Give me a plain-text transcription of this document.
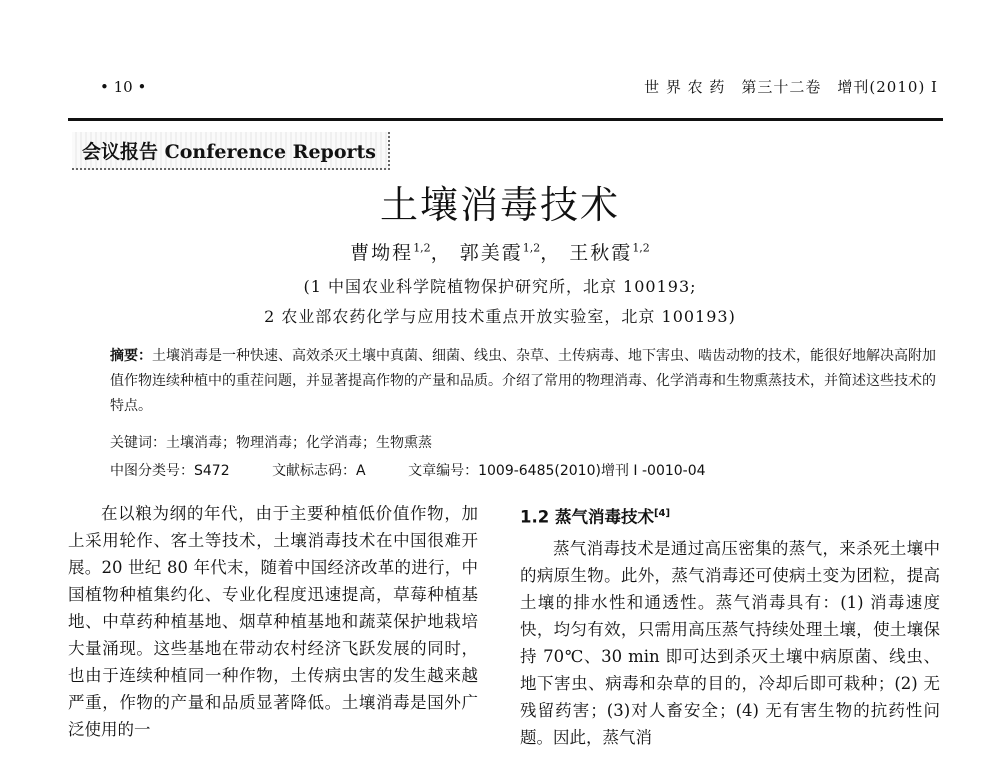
• 10 •	世 界 农 药　第三十二卷　增刊(2010) I
会议报告 Conference Reports
土壤消毒技术
曹坳程$^{1,2}$， 郭美霞$^{1,2}$， 王秋霞$^{1,2}$
(1 中国农业科学院植物保护研究所，北京 100193;
2 农业部农药化学与应用技术重点开放实验室，北京 100193)
摘要：土壤消毒是一种快速、高效杀灭土壤中真菌、细菌、线虫、杂草、土传病毒、地下害虫、啮齿动物的技术，能很好地解决高附加值作物连续种植中的重茬问题，并显著提高作物的产量和品质。介绍了常用的物理消毒、化学消毒和生物熏蒸技术，并简述这些技术的特点。
关键词：土壤消毒；物理消毒；化学消毒；生物熏蒸
中图分类号：S472	文献标志码：A	文章编号：1009-6485(2010)增刊 I -0010-04

在以粮为纲的年代，由于主要种植低价值作物，加上采用轮作、客土等技术，土壤消毒技术在中国很难开展。20 世纪 80 年代末，随着中国经济改革的进行，中国植物种植集约化、专业化程度迅速提高，草莓种植基地、中草药种植基地、烟草种植基地和蔬菜保护地栽培大量涌现。这些基地在带动农村经济飞跃发展的同时，也由于连续种植同一种作物，土传病虫害的发生越来越严重，作物的产量和品质显著降低。土壤消毒是国外广泛使用的一

1.2 蒸气消毒技术[4]

蒸气消毒技术是通过高压密集的蒸气，来杀死土壤中的病原生物。此外，蒸气消毒还可使病土变为团粒，提高土壤的排水性和通透性。蒸气消毒具有：(1) 消毒速度快，均匀有效，只需用高压蒸气持续处理土壤，使土壤保持 70℃、30 min 即可达到杀灭土壤中病原菌、线虫、地下害虫、病毒和杂草的目的，冷却后即可栽种；(2) 无残留药害；(3)对人畜安全；(4) 无有害生物的抗药性问题。因此，蒸气消
